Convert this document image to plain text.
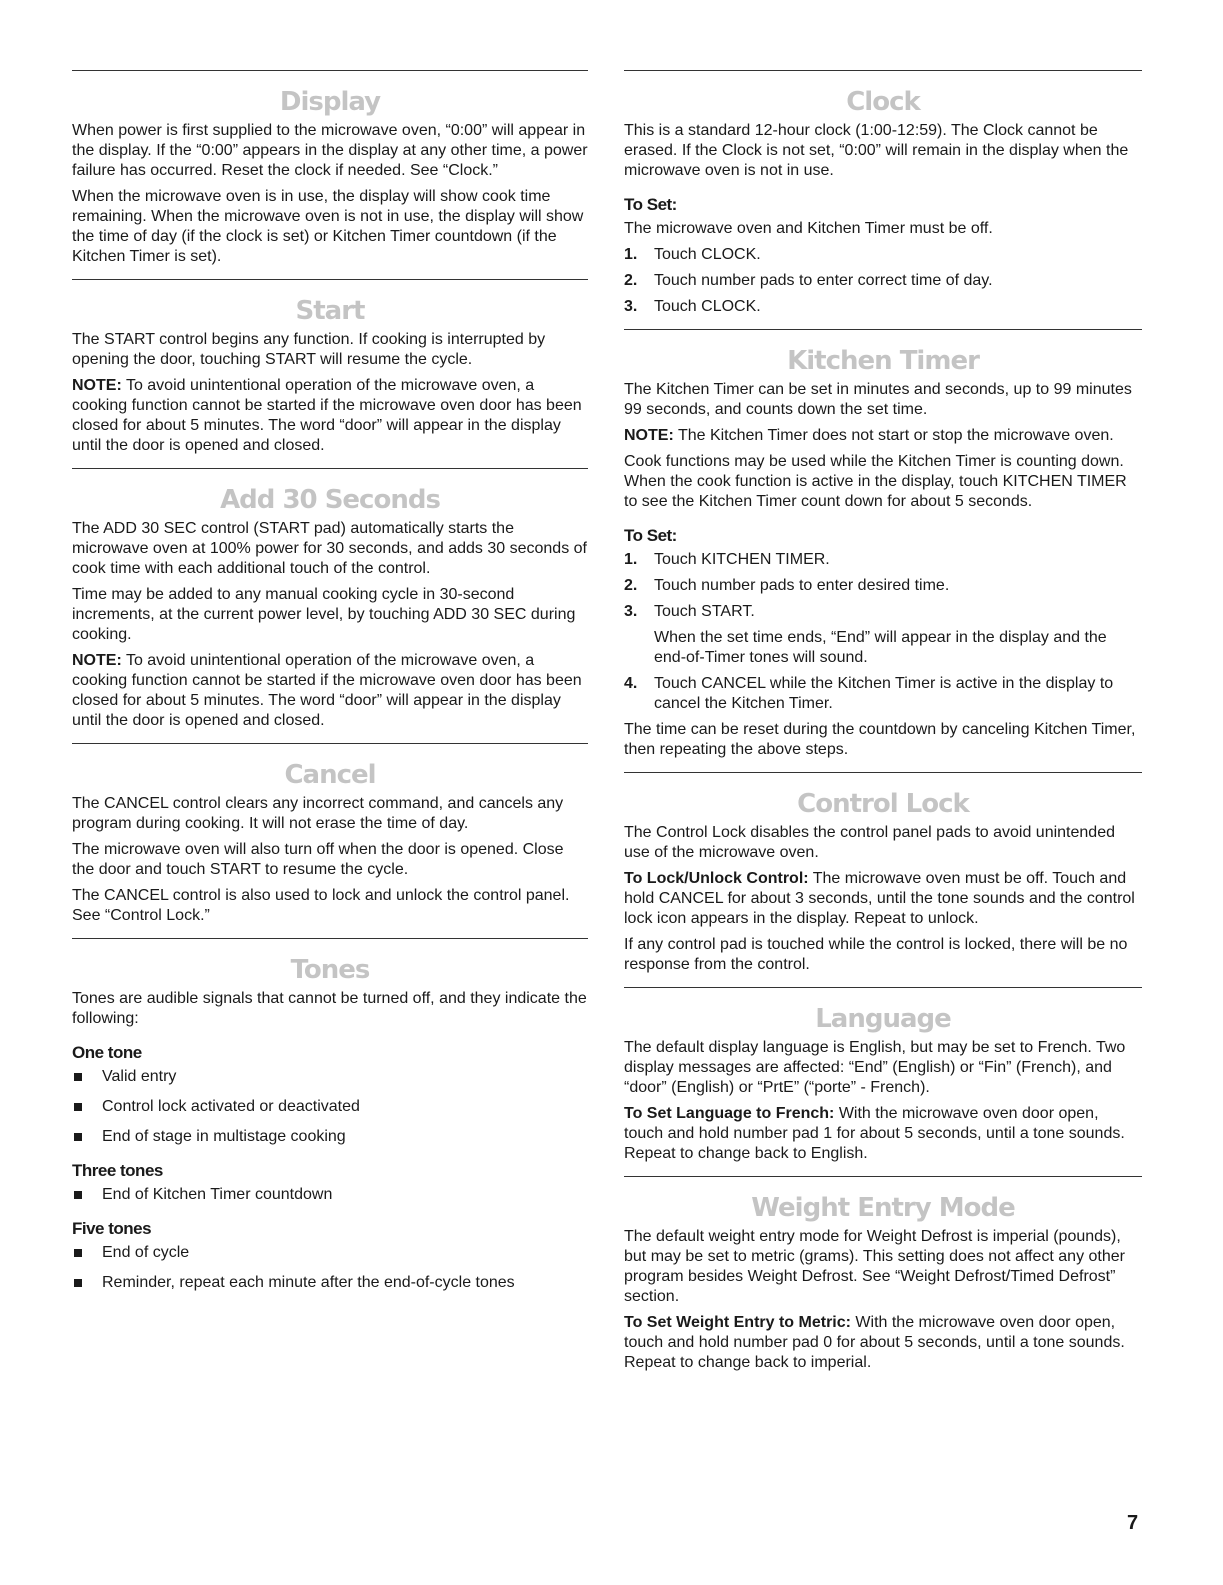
Display

When power is first supplied to the microwave oven, “0:00” will appear in the display. If the “0:00” appears in the display at any other time, a power failure has occurred. Reset the clock if needed. See “Clock.”

When the microwave oven is in use, the display will show cook time remaining. When the microwave oven is not in use, the display will show the time of day (if the clock is set) or Kitchen Timer countdown (if the Kitchen Timer is set).

Start

The START control begins any function. If cooking is interrupted by opening the door, touching START will resume the cycle.

NOTE: To avoid unintentional operation of the microwave oven, a cooking function cannot be started if the microwave oven door has been closed for about 5 minutes. The word “door” will appear in the display until the door is opened and closed.

Add 30 Seconds

The ADD 30 SEC control (START pad) automatically starts the microwave oven at 100% power for 30 seconds, and adds 30 seconds of cook time with each additional touch of the control.

Time may be added to any manual cooking cycle in 30-second increments, at the current power level, by touching ADD 30 SEC during cooking.

NOTE: To avoid unintentional operation of the microwave oven, a cooking function cannot be started if the microwave oven door has been closed for about 5 minutes. The word “door” will appear in the display until the door is opened and closed.

Cancel

The CANCEL control clears any incorrect command, and cancels any program during cooking. It will not erase the time of day.

The microwave oven will also turn off when the door is opened. Close the door and touch START to resume the cycle.

The CANCEL control is also used to lock and unlock the control panel. See “Control Lock.”

Tones

Tones are audible signals that cannot be turned off, and they indicate the following:

One tone
Valid entry
Control lock activated or deactivated
End of stage in multistage cooking
Three tones
End of Kitchen Timer countdown
Five tones
End of cycle
Reminder, repeat each minute after the end-of-cycle tones
Clock

This is a standard 12-hour clock (1:00-12:59). The Clock cannot be erased. If the Clock is not set, “0:00” will remain in the display when the microwave oven is not in use.

To Set:

The microwave oven and Kitchen Timer must be off.

1. Touch CLOCK.
2. Touch number pads to enter correct time of day.
3. Touch CLOCK.
Kitchen Timer

The Kitchen Timer can be set in minutes and seconds, up to 99 minutes 99 seconds, and counts down the set time.

NOTE: The Kitchen Timer does not start or stop the microwave oven.

Cook functions may be used while the Kitchen Timer is counting down. When the cook function is active in the display, touch KITCHEN TIMER to see the Kitchen Timer count down for about 5 seconds.

To Set:
1. Touch KITCHEN TIMER.
2. Touch number pads to enter desired time.
3. Touch START.
When the set time ends, “End” will appear in the display and the end-of-Timer tones will sound.
4. Touch CANCEL while the Kitchen Timer is active in the display to cancel the Kitchen Timer.

The time can be reset during the countdown by canceling Kitchen Timer, then repeating the above steps.

Control Lock

The Control Lock disables the control panel pads to avoid unintended use of the microwave oven.

To Lock/Unlock Control: The microwave oven must be off. Touch and hold CANCEL for about 3 seconds, until the tone sounds and the control lock icon appears in the display. Repeat to unlock.

If any control pad is touched while the control is locked, there will be no response from the control.

Language

The default display language is English, but may be set to French. Two display messages are affected: “End” (English) or “Fin” (French), and “door” (English) or “PrtE” (“porte” - French).

To Set Language to French: With the microwave oven door open, touch and hold number pad 1 for about 5 seconds, until a tone sounds. Repeat to change back to English.

Weight Entry Mode

The default weight entry mode for Weight Defrost is imperial (pounds), but may be set to metric (grams). This setting does not affect any other program besides Weight Defrost. See “Weight Defrost/Timed Defrost” section.

To Set Weight Entry to Metric: With the microwave oven door open, touch and hold number pad 0 for about 5 seconds, until a tone sounds. Repeat to change back to imperial.

7
